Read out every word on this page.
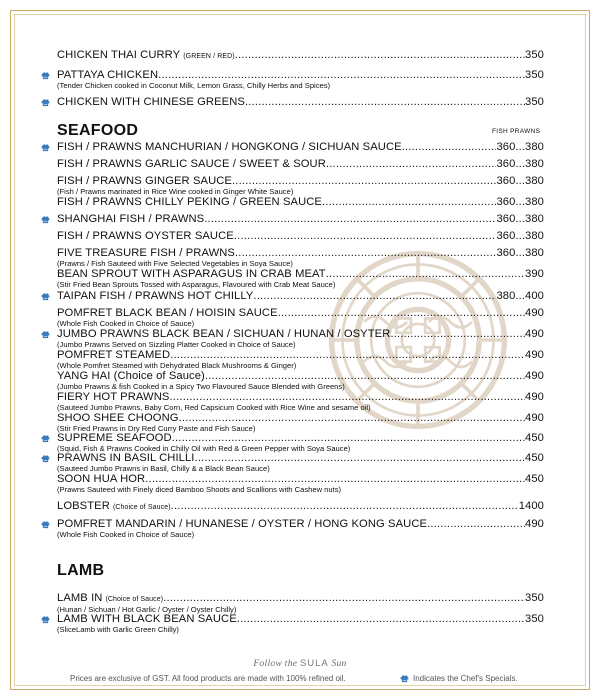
SEAFOOD	FISH PRAWNS
LAMB
Follow the SULA Sun
Prices are exclusive of GST. All food products are made with 100% refined oil.	Indicates the Chef's Specials.
CHICKEN THAI CURRY (GREEN / RED) .....	350
PATTAYA CHICKEN .....	350
(Tender Chicken cooked in Coconut Milk, Lemon Grass, Chilly Herbs and Spices)
CHICKEN WITH CHINESE GREENS .....	350
FISH / PRAWNS MANCHURIAN / HONGKONG / SICHUAN SAUCE .....	360...380
FISH / PRAWNS GARLIC SAUCE / SWEET & SOUR .....	360...380
FISH / PRAWNS GINGER SAUCE .....	360...380
(Fish / Prawns marinated in Rice Wine cooked in Ginger White Sauce)
FISH / PRAWNS CHILLY PEKING / GREEN SAUCE .....	360...380
SHANGHAI FISH / PRAWNS .....	360...380
FISH / PRAWNS OYSTER SAUCE .....	360...380
FIVE TREASURE FISH / PRAWNS .....	360...380
(Prawns / Fish Sauteed with Five Selected Vegetables in Soya Sauce)
BEAN SPROUT WITH ASPARAGUS IN CRAB MEAT .....	390
(Stir Fried Bean Sprouts Tossed with Asparagus, Flavoured with Crab Meat Sauce)
TAIPAN FISH / PRAWNS HOT CHILLY .....	380...400
POMFRET BLACK BEAN / HOISIN SAUCE .....	490
(Whole Fish Cooked in Choice of Sauce)
JUMBO PRAWNS BLACK BEAN / SICHUAN / HUNAN / OSYTER .....	490
(Jumbo Prawns Served on Sizzling Platter Cooked in Choice of Sauce)
POMFRET STEAMED .....	490
(Whole Pomfret Steamed with Dehydrated Black Mushrooms & Ginger)
YANG HAI (Choice of Sauce) .....	490
(Jumbo Prawns & fish Cooked in a Spicy Two Flavoured Sauce Blended with Greens)
FIERY HOT PRAWNS .....	490
(Sauteed Jumbo Prawns, Baby Corn, Red Capsicum Cooked with Rice Wine and sesame oil)
SHOO SHEE CHOONG .....	490
(Stir Fried Prawns in Dry Red Curry Paste and Fish Sauce)
SUPREME SEAFOOD .....	450
(Squid, Fish & Prawns Cooked in Chilly Oil with Red & Green Pepper with Soya Sauce)
PRAWNS IN BASIL CHILLI .....	450
(Sauteed Jumbo Prawns in Basil, Chilly & a Black Bean Sauce)
SOON HUA HOR .....	450
(Prawns Sauteed with Finely diced Bamboo Shoots and Scallions with Cashew nuts)
LOBSTER (Choice of Sauce) .....	1400
POMFRET MANDARIN / HUNANESE / OYSTER / HONG KONG SAUCE .....	490
(Whole Fish Cooked in Choice of Sauce)
LAMB IN (Choice of Sauce) .....	350
(Hunan / Sichuan / Hot Garlic / Oyster / Oyster Chilly)
LAMB WITH BLACK BEAN SAUCE .....	350
(SliceLamb with Garlic Green Chilly)
